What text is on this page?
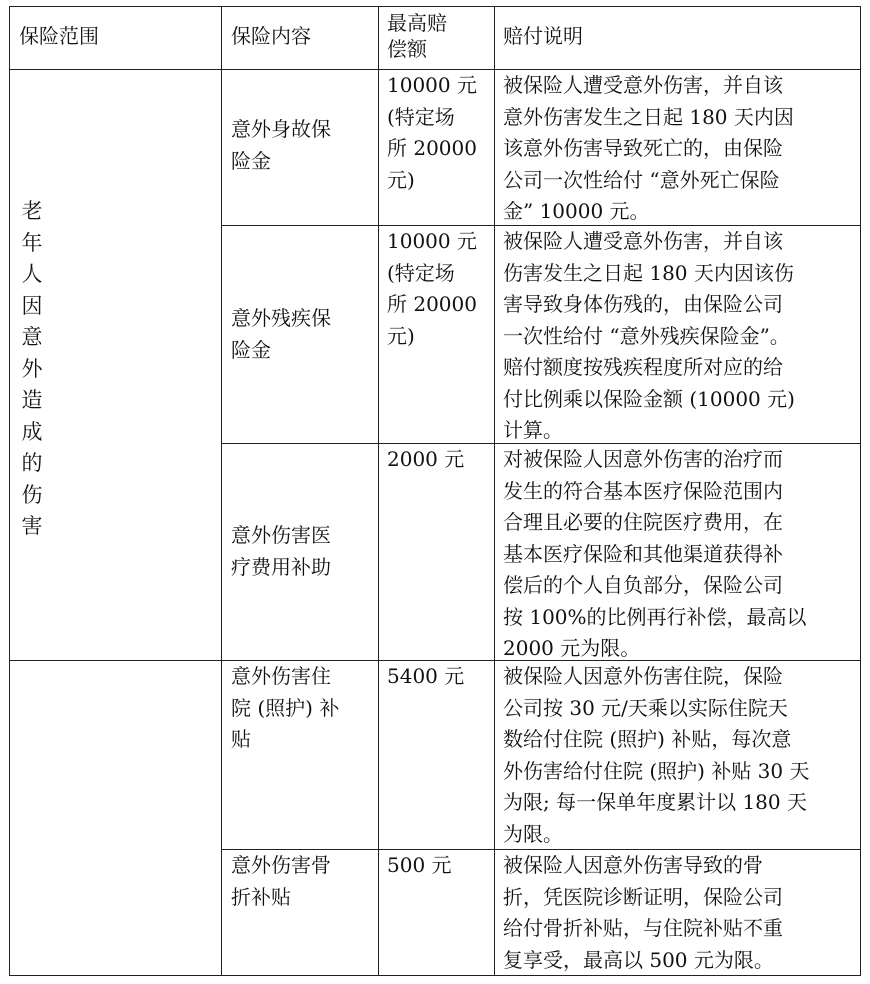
保险范围	保险内容
最高赔
偿额
赔付说明
老
年
人
因
意
外
造
成
的
伤
害
意外身故保
险金
10000 元
(特定场
所 20000
元)
被保险人遭受意外伤害，并自该
意外伤害发生之日起 180 天内因
该意外伤害导致死亡的，由保险
公司一次性给付 “意外死亡保险
金” 10000 元。
意外残疾保
险金
10000 元
(特定场
所 20000
元)
被保险人遭受意外伤害，并自该
伤害发生之日起 180 天内因该伤
害导致身体伤残的，由保险公司
一次性给付 “意外残疾保险金”。
赔付额度按残疾程度所对应的给
付比例乘以保险金额 (10000 元)
计算。
意外伤害医
疗费用补助
2000 元 对被保险人因意外伤害的治疗而
发生的符合基本医疗保险范围内
合理且必要的住院医疗费用，在
基本医疗保险和其他渠道获得补
偿后的个人自负部分，保险公司
按 100%的比例再行补偿，最高以
2000 元为限。
意外伤害住
院 (照护) 补
贴
5400 元 被保险人因意外伤害住院，保险
公司按 30 元/天乘以实际住院天
数给付住院 (照护) 补贴，每次意
外伤害给付住院 (照护) 补贴 30 天
为限; 每一保单年度累计以 180 天
为限。
意外伤害骨
折补贴
500 元	被保险人因意外伤害导致的骨
折，凭医院诊断证明，保险公司
给付骨折补贴，与住院补贴不重
复享受，最高以 500 元为限。
